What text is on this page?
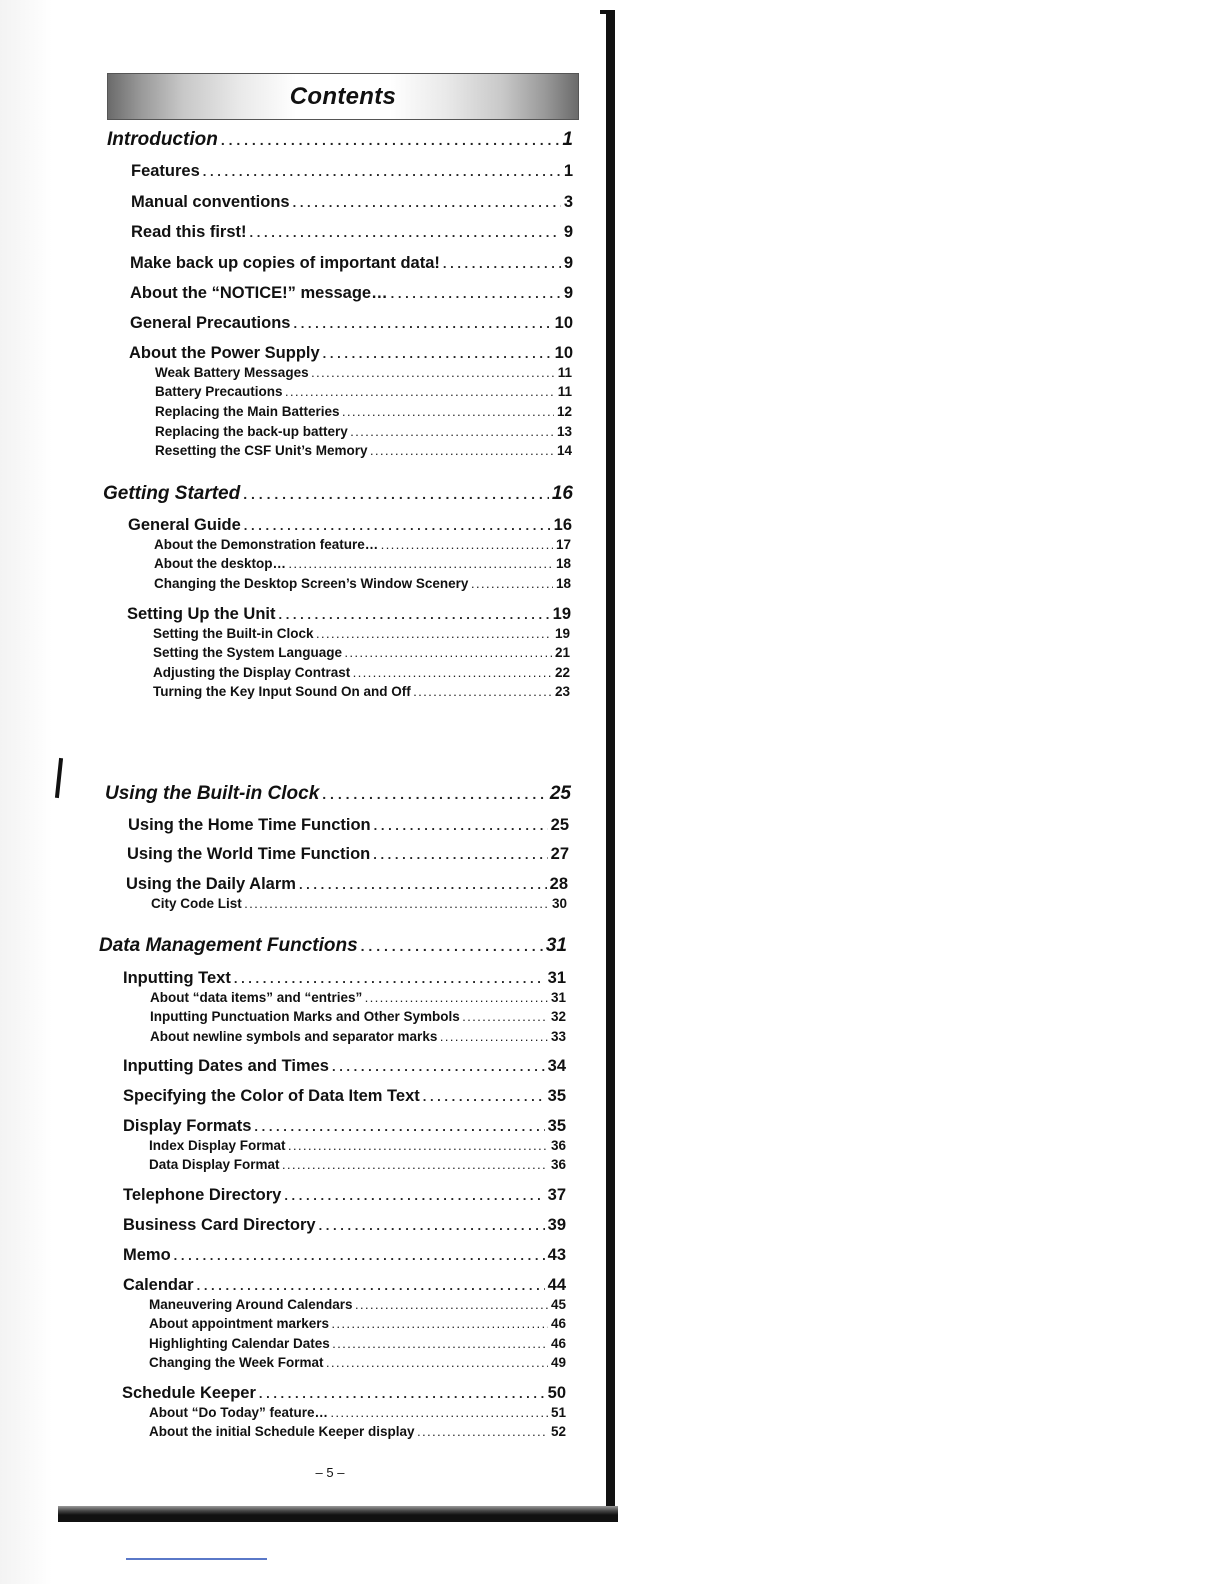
Contents
Introduction . . .	1
Features . . .	1
Manual conventions . . .	3
Read this first! . . .	9
Make back up copies of important data! . . .	9
About the “NOTICE!” message… . . .	9
General Precautions . . .	10
About the Power Supply . . .	10
Weak Battery Messages . . .	11
Battery Precautions . . .	11
Replacing the Main Batteries . . .	12
Replacing the back-up battery . . .	13
Resetting the CSF Unit’s Memory . . .	14
Getting Started . . .	16
General Guide . . .	16
About the Demonstration feature… . . .	17
About the desktop… . . .	18
Changing the Desktop Screen’s Window Scenery . . .	18
Setting Up the Unit . . .	19
Setting the Built-in Clock . . .	19
Setting the System Language . . .	21
Adjusting the Display Contrast . . .	22
Turning the Key Input Sound On and Off . . .	23
Using the Built-in Clock . . .	25
Using the Home Time Function . . .	25
Using the World Time Function . . .	27
Using the Daily Alarm . . .	28
City Code List . . .	30
Data Management Functions . . .	31
Inputting Text . . .	31
About “data items” and “entries” . . .	31
Inputting Punctuation Marks and Other Symbols . . .	32
About newline symbols and separator marks . . .	33
Inputting Dates and Times . . .	34
Specifying the Color of Data Item Text . . .	35
Display Formats . . .	35
Index Display Format . . .	36
Data Display Format . . .	36
Telephone Directory . . .	37
Business Card Directory . . .	39
Memo . . .	43
Calendar . . .	44
Maneuvering Around Calendars . . .	45
About appointment markers . . .	46
Highlighting Calendar Dates . . .	46
Changing the Week Format . . .	49
Schedule Keeper . . .	50
About “Do Today” feature… . . .	51
About the initial Schedule Keeper display . . .	52
– 5 –
